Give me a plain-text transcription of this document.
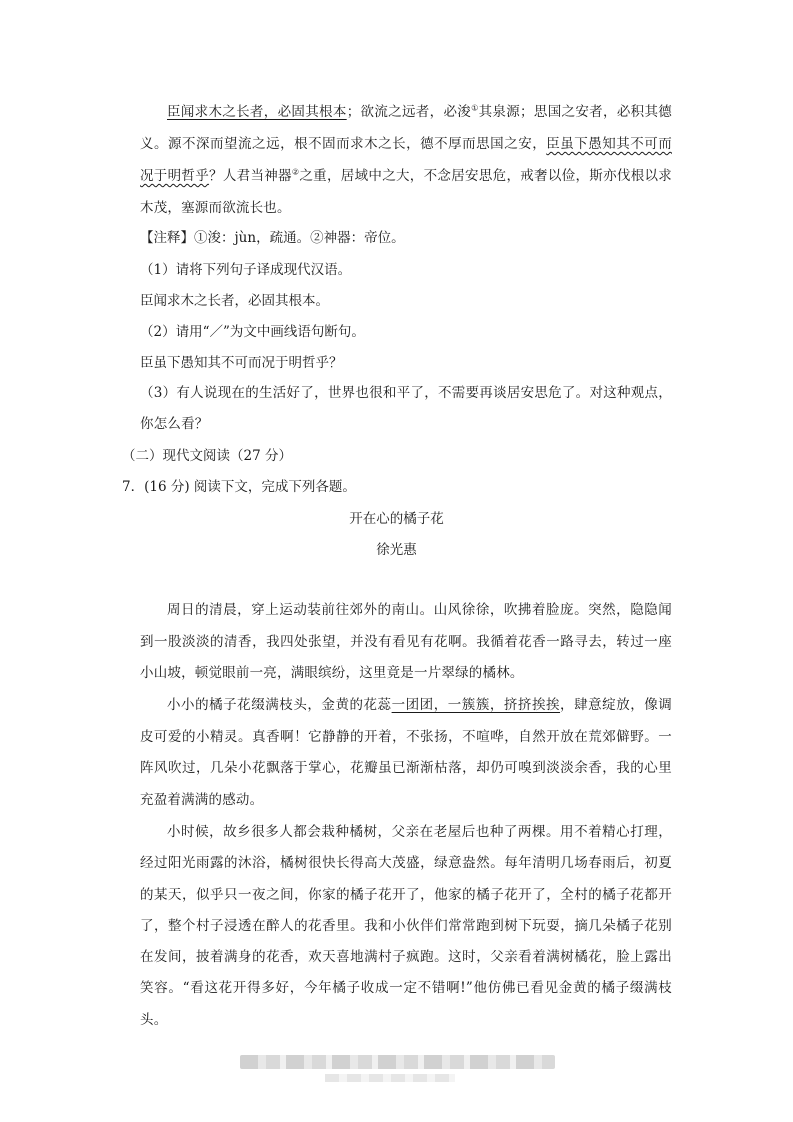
臣闻求木之长者，必固其根本；欲流之远者，必浚①其泉源；思国之安者，必积其德义。源不深而望流之远，根不固而求木之长，德不厚而思国之安，臣虽下愚知其不可而况于明哲乎？人君当神器②之重，居域中之大，不念居安思危，戒奢以俭，斯亦伐根以求木茂，塞源而欲流长也。

【注释】①浚：jùn，疏通。②神器：帝位。

（1）请将下列句子译成现代汉语。

臣闻求木之长者，必固其根本。

（2）请用“／”为文中画线语句断句。

臣虽下愚知其不可而况于明哲乎？

（3）有人说现在的生活好了，世界也很和平了，不需要再谈居安思危了。对这种观点，你怎么看？

（二）现代文阅读（27 分）

7．(16 分) 阅读下文，完成下列各题。

开在心的橘子花

徐光惠

周日的清晨，穿上运动装前往郊外的南山。山风徐徐，吹拂着脸庞。突然，隐隐闻到一股淡淡的清香，我四处张望，并没有看见有花啊。我循着花香一路寻去，转过一座小山坡，顿觉眼前一亮，满眼缤纷，这里竟是一片翠绿的橘林。

小小的橘子花缀满枝头，金黄的花蕊一团团，一簇簇，挤挤挨挨，肆意绽放，像调皮可爱的小精灵。真香啊！它静静的开着，不张扬，不喧哗，自然开放在荒郊僻野。一阵风吹过，几朵小花飘落于掌心，花瓣虽已渐渐枯落，却仍可嗅到淡淡余香，我的心里充盈着满满的感动。

小时候，故乡很多人都会栽种橘树，父亲在老屋后也种了两棵。用不着精心打理，经过阳光雨露的沐浴，橘树很快长得高大茂盛，绿意盎然。每年清明几场春雨后，初夏的某天，似乎只一夜之间，你家的橘子花开了，他家的橘子花开了，全村的橘子花都开了，整个村子浸透在醉人的花香里。我和小伙伴们常常跑到树下玩耍，摘几朵橘子花别在发间，披着满身的花香，欢天喜地满村子疯跑。这时，父亲看着满树橘花，脸上露出笑容。“看这花开得多好，今年橘子收成一定不错啊!”他仿佛已看见金黄的橘子缀满枝头。
